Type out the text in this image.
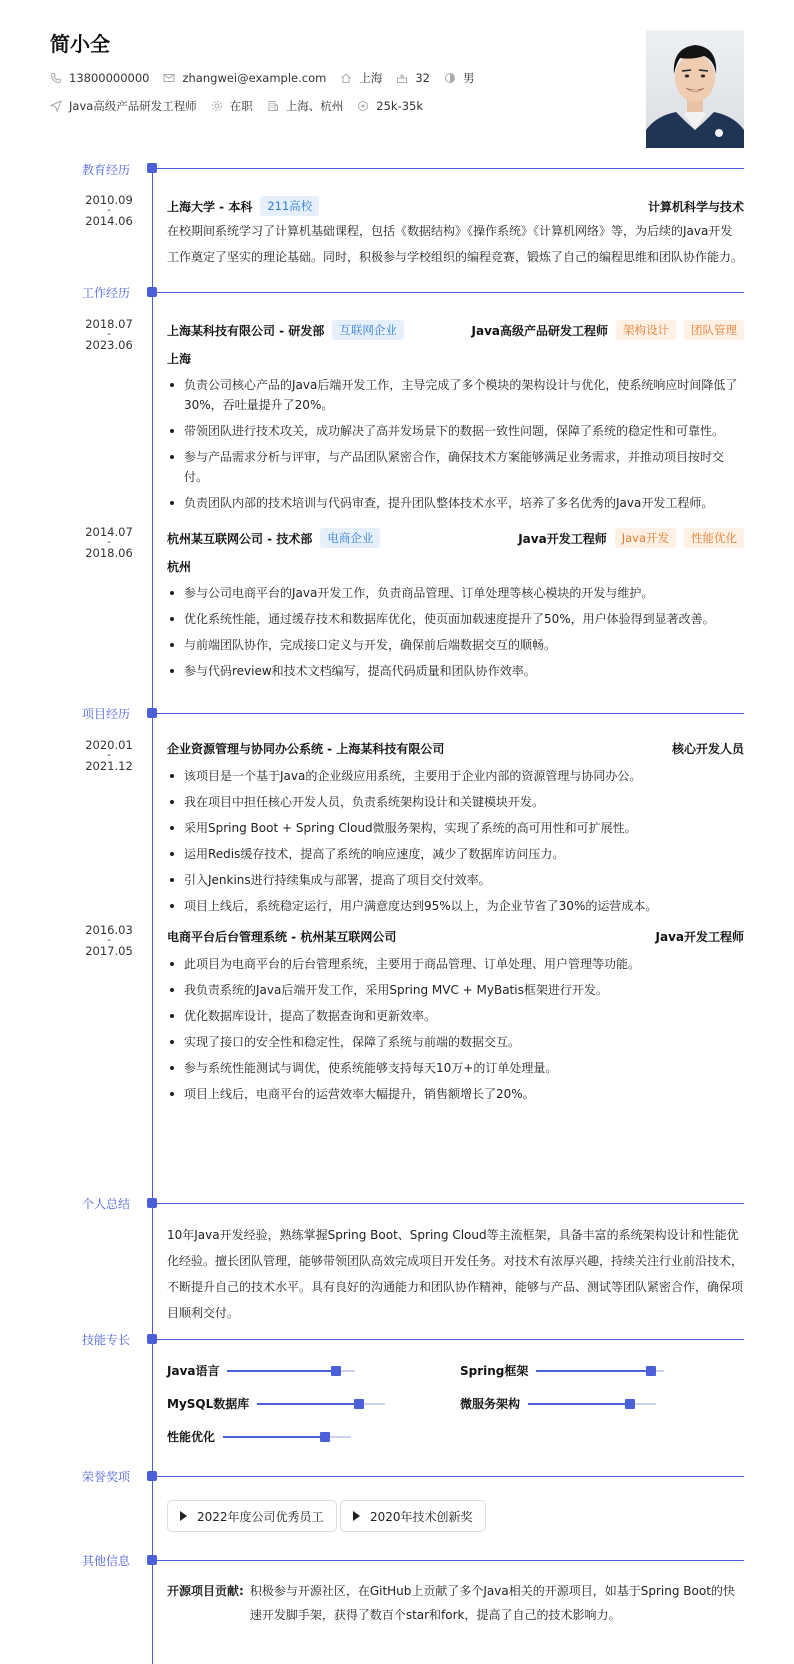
简小全
13800000000	zhangwei@example.com	上海	32	男
Java高级产品研发工程师	在职	上海、杭州	25k-35k
教育经历
2010.09
-
2014.06
上海大学 - 本科	211高校	计算机科学与技术
在校期间系统学习了计算机基础课程，包括《数据结构》《操作系统》《计算机网络》等，为后续的Java开发工作奠定了坚实的理论基础。同时，积极参与学校组织的编程竞赛，锻炼了自己的编程思维和团队协作能力。
工作经历
2018.07
-
2023.06
上海某科技有限公司 - 研发部	互联网企业	Java高级产品研发工程师	架构设计	团队管理
上海
负责公司核心产品的Java后端开发工作，主导完成了多个模块的架构设计与优化，使系统响应时间降低了30%，吞吐量提升了20%。
带领团队进行技术攻关，成功解决了高并发场景下的数据一致性问题，保障了系统的稳定性和可靠性。
参与产品需求分析与评审，与产品团队紧密合作，确保技术方案能够满足业务需求，并推动项目按时交付。
负责团队内部的技术培训与代码审查，提升团队整体技术水平，培养了多名优秀的Java开发工程师。
2014.07
-
2018.06
杭州某互联网公司 - 技术部	电商企业	Java开发工程师	Java开发	性能优化
杭州
参与公司电商平台的Java开发工作，负责商品管理、订单处理等核心模块的开发与维护。
优化系统性能，通过缓存技术和数据库优化，使页面加载速度提升了50%，用户体验得到显著改善。
与前端团队协作，完成接口定义与开发，确保前后端数据交互的顺畅。
参与代码review和技术文档编写，提高代码质量和团队协作效率。
项目经历
2020.01
-
2021.12
企业资源管理与协同办公系统 - 上海某科技有限公司	核心开发人员
该项目是一个基于Java的企业级应用系统，主要用于企业内部的资源管理与协同办公。
我在项目中担任核心开发人员，负责系统架构设计和关键模块开发。
采用Spring Boot + Spring Cloud微服务架构，实现了系统的高可用性和可扩展性。
运用Redis缓存技术，提高了系统的响应速度，减少了数据库访问压力。
引入Jenkins进行持续集成与部署，提高了项目交付效率。
项目上线后，系统稳定运行，用户满意度达到95%以上，为企业节省了30%的运营成本。
2016.03
-
2017.05
电商平台后台管理系统 - 杭州某互联网公司	Java开发工程师
此项目为电商平台的后台管理系统，主要用于商品管理、订单处理、用户管理等功能。
我负责系统的Java后端开发工作，采用Spring MVC + MyBatis框架进行开发。
优化数据库设计，提高了数据查询和更新效率。
实现了接口的安全性和稳定性，保障了系统与前端的数据交互。
参与系统性能测试与调优，使系统能够支持每天10万+的订单处理量。
项目上线后，电商平台的运营效率大幅提升，销售额增长了20%。
个人总结
10年Java开发经验，熟练掌握Spring Boot、Spring Cloud等主流框架，具备丰富的系统架构设计和性能优化经验。擅长团队管理，能够带领团队高效完成项目开发任务。对技术有浓厚兴趣，持续关注行业前沿技术，不断提升自己的技术水平。具有良好的沟通能力和团队协作精神，能够与产品、测试等团队紧密合作，确保项目顺利交付。
技能专长
Java语言	Spring框架
MySQL数据库	微服务架构
性能优化
荣誉奖项
2022年度公司优秀员工	2020年技术创新奖
其他信息
开源项目贡献: 积极参与开源社区，在GitHub上贡献了多个Java相关的开源项目，如基于Spring Boot的快速开发脚手架，获得了数百个star和fork，提高了自己的技术影响力。
